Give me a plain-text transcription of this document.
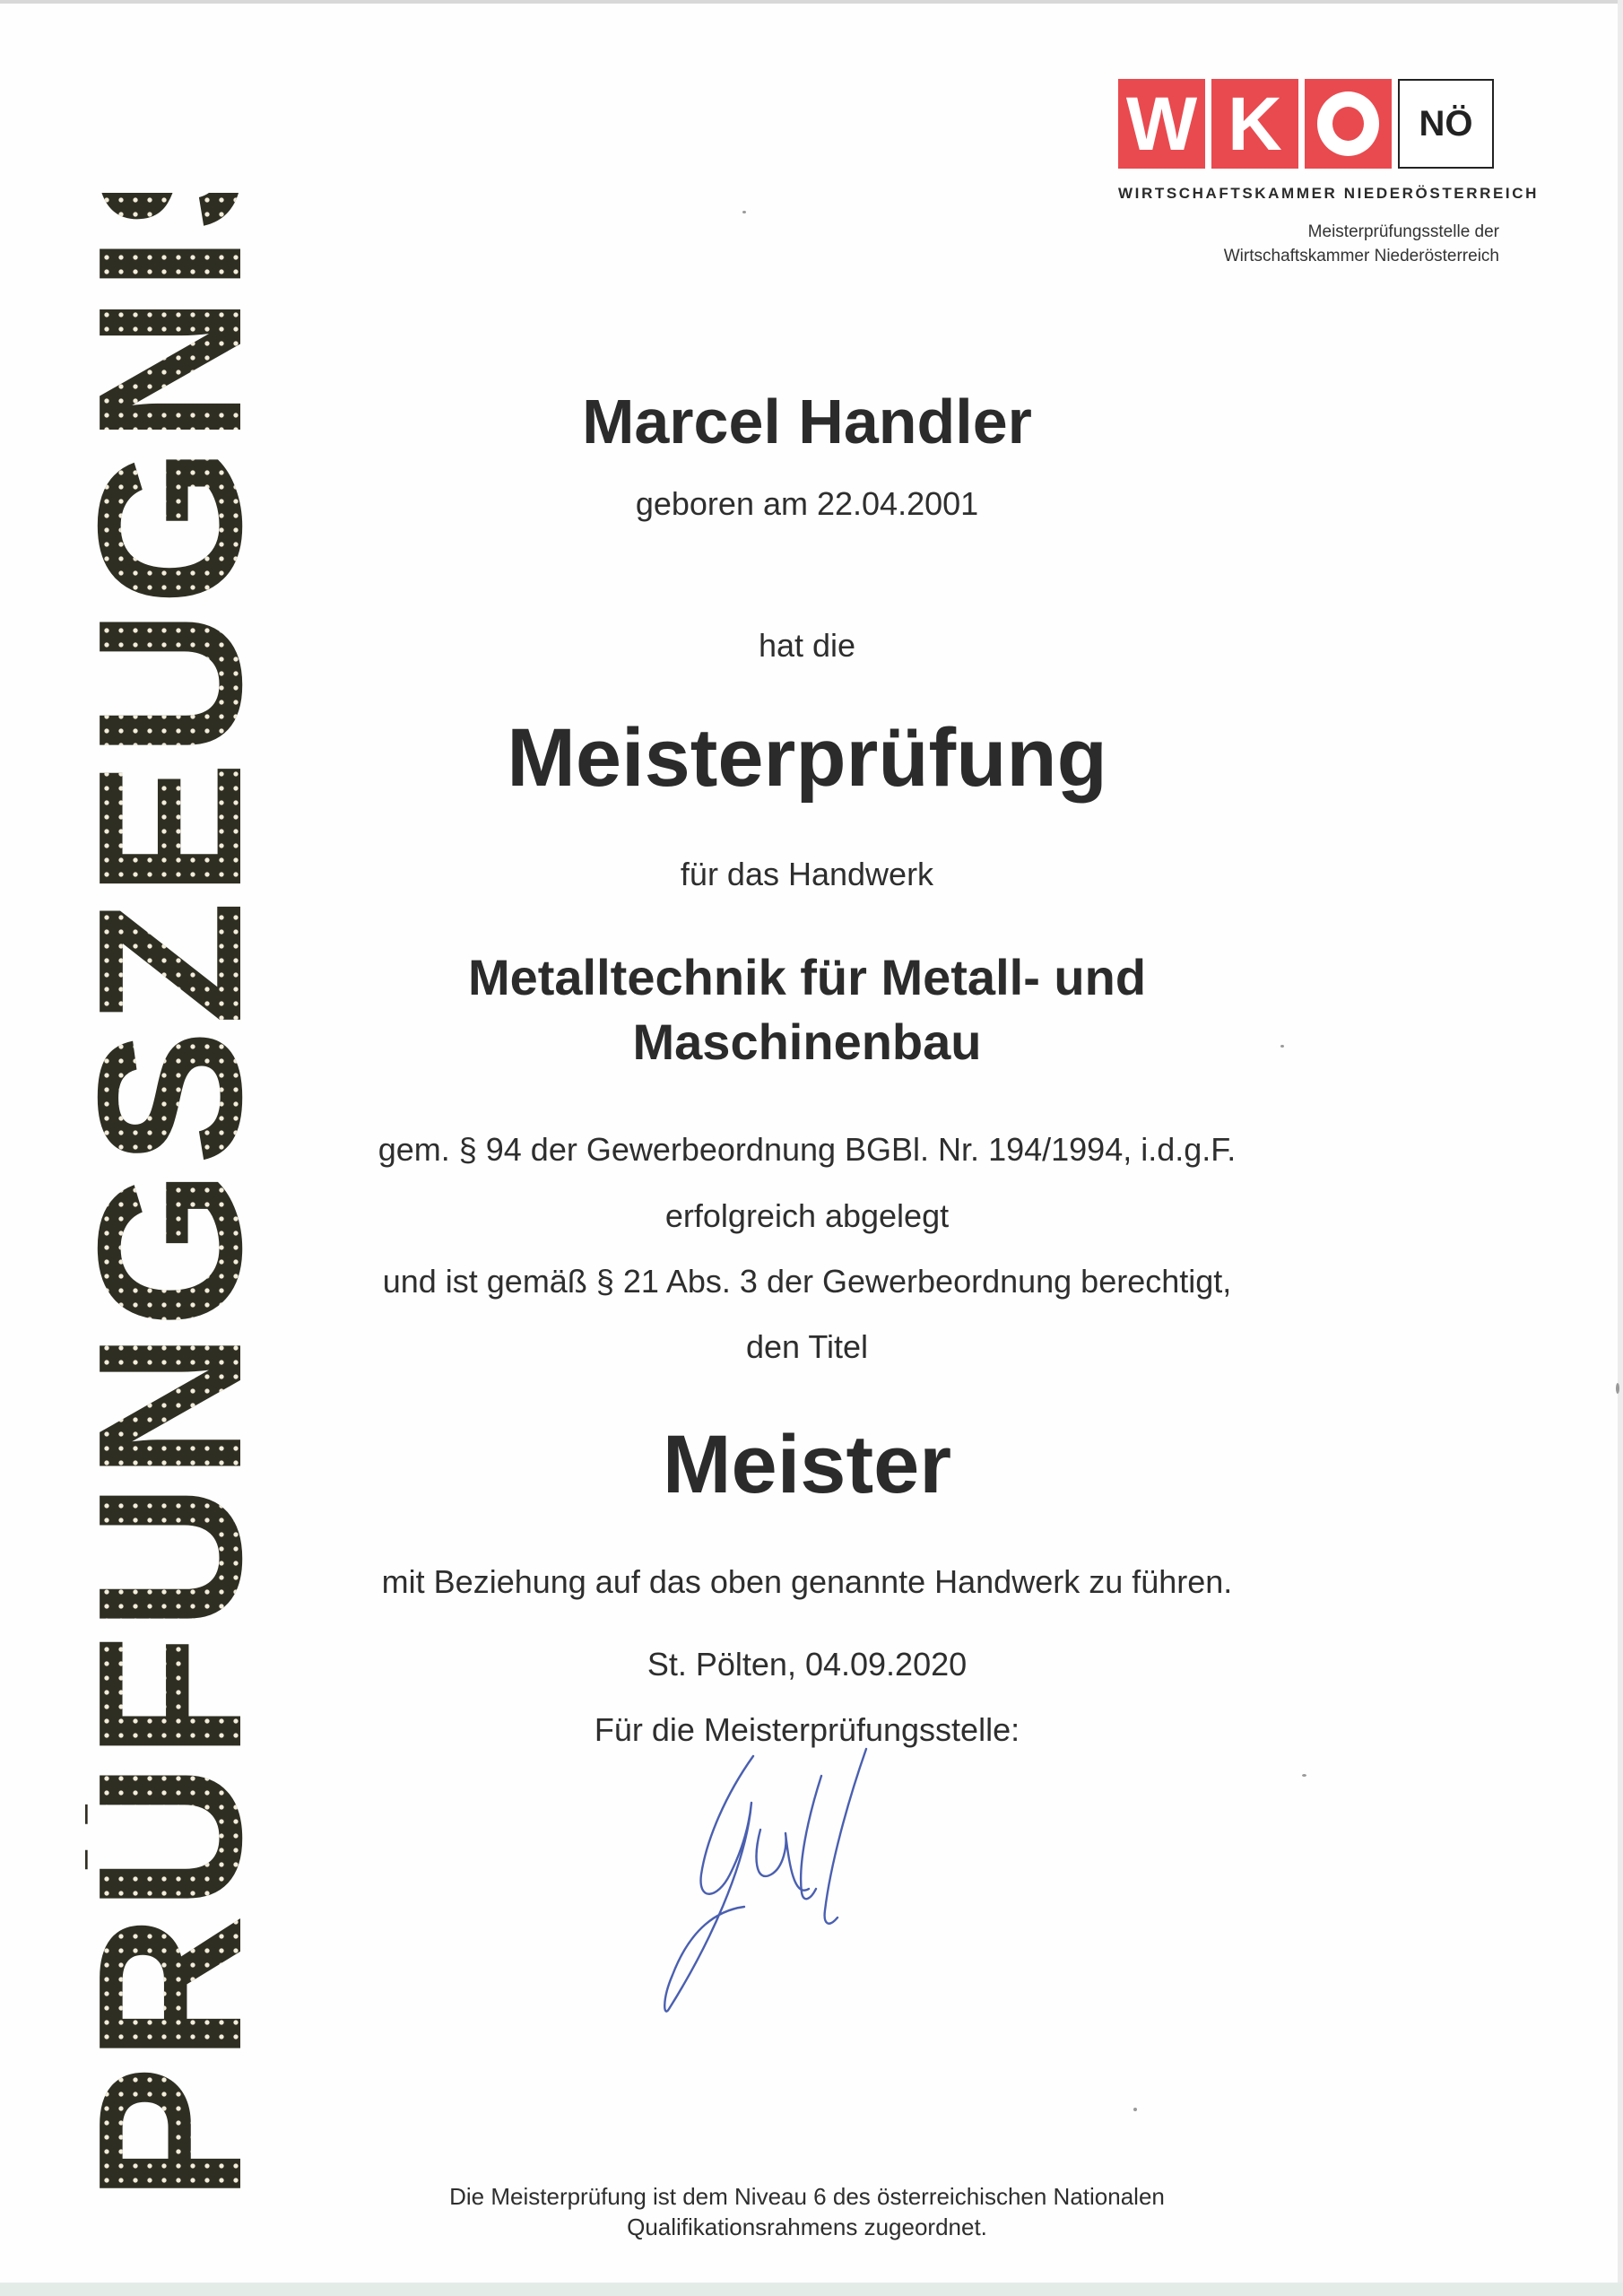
PRÜFUNGSZEUGNIS	W K	NÖ
WIRTSCHAFTSKAMMER NIEDERÖSTERREICH
Meisterprüfungsstelle der
Wirtschaftskammer Niederösterreich
Marcel Handler
geboren am 22.04.2001
hat die
Meisterprüfung
für das Handwerk
Metalltechnik für Metall- und
Maschinenbau
gem. § 94 der Gewerbeordnung BGBl. Nr. 194/1994, i.d.g.F.
erfolgreich abgelegt
und ist gemäß § 21 Abs. 3 der Gewerbeordnung berechtigt,
den Titel
Meister
mit Beziehung auf das oben genannte Handwerk zu führen.
St. Pölten, 04.09.2020
Für die Meisterprüfungsstelle:
Die Meisterprüfung ist dem Niveau 6 des österreichischen Nationalen
Qualifikationsrahmens zugeordnet.
